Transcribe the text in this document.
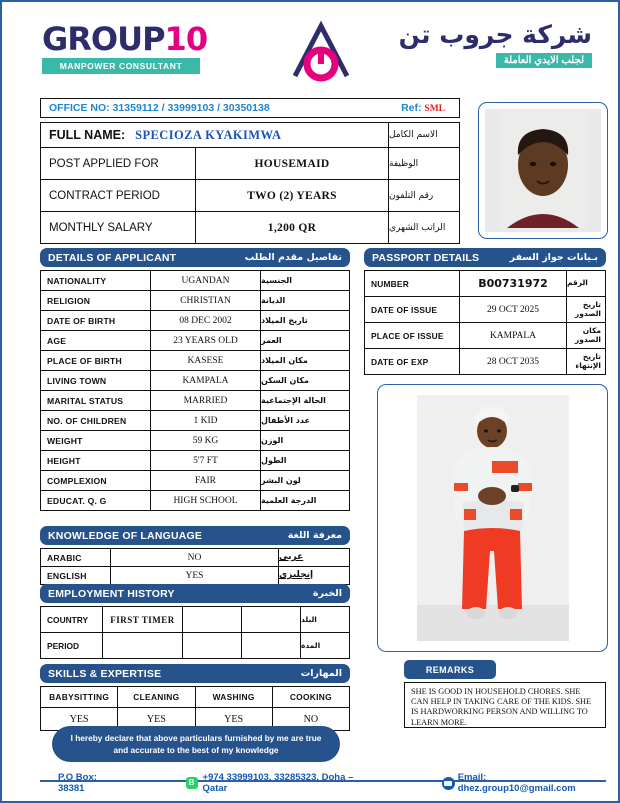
GROUP10
MANPOWER CONSULTANT
شركة جروب تن
لجلب الايدي العاملة
OFFICE NO: 31359112 / 33999103 / 30350138	Ref: SML
FULL NAME: SPECIOZA KYAKIMWA	الاسم الكامل
POST APPLIED FOR	HOUSEMAID	الوظيفة
CONTRACT PERIOD	TWO (2) YEARS	رقم التلفون
MONTHLY SALARY	1,200 QR	الراتب الشهري
DETAILS OF APPLICANT	تفاصيل مقدم الطلب
NATIONALITY	UGANDAN	الجنسية
RELIGION	CHRISTIAN	الديانة
DATE OF BIRTH	08 DEC 2002	تاريخ الميلاد
AGE	23 YEARS OLD	العمر
PLACE OF BIRTH	KASESE	مكان الميلاد
LIVING TOWN	KAMPALA	مكان السكن
MARITAL STATUS	MARRIED	الحالة الإجتماعية
NO. OF CHILDREN	1 KID	عدد الأطفال
WEIGHT	59 KG	الوزن
HEIGHT	5'7 FT	الطول
COMPLEXION	FAIR	لون البشر
EDUCAT. Q. G	HIGH SCHOOL	الدرجة العلمية
PASSPORT DETAILS	بـيانات جواز السفر
NUMBER	B00731972	الرقم
DATE OF ISSUE	29 OCT 2025	تاريخ الصدور
PLACE OF ISSUE	KAMPALA	مكان الصدور
DATE OF EXP	28 OCT 2035	تاريخ الإنتهاء
KNOWLEDGE OF LANGUAGE	معرفة اللغة
ARABIC	NO	عربي
ENGLISH	YES	إنجليزي
EMPLOYMENT HISTORY	الخبرة
COUNTRY	FIRST TIMER	البلد
PERIOD	المدة
SKILLS & EXPERTISE	المهارات
BABYSITTING	CLEANING	WASHING	COOKING
YES	YES	YES	NO
I hereby declare that above particulars furnished by me are true and accurate to the best of my knowledge
REMARKS
SHE IS GOOD IN HOUSEHOLD CHORES. SHE CAN HELP IN TAKING CARE OF THE KIDS. SHE IS HARDWORKING PERSON AND WILLING TO LEARN MORE.
P.O Box: 38381
B +974 33999103, 33285323, Doha – Qatar
Email: dhez.group10@gmail.com
